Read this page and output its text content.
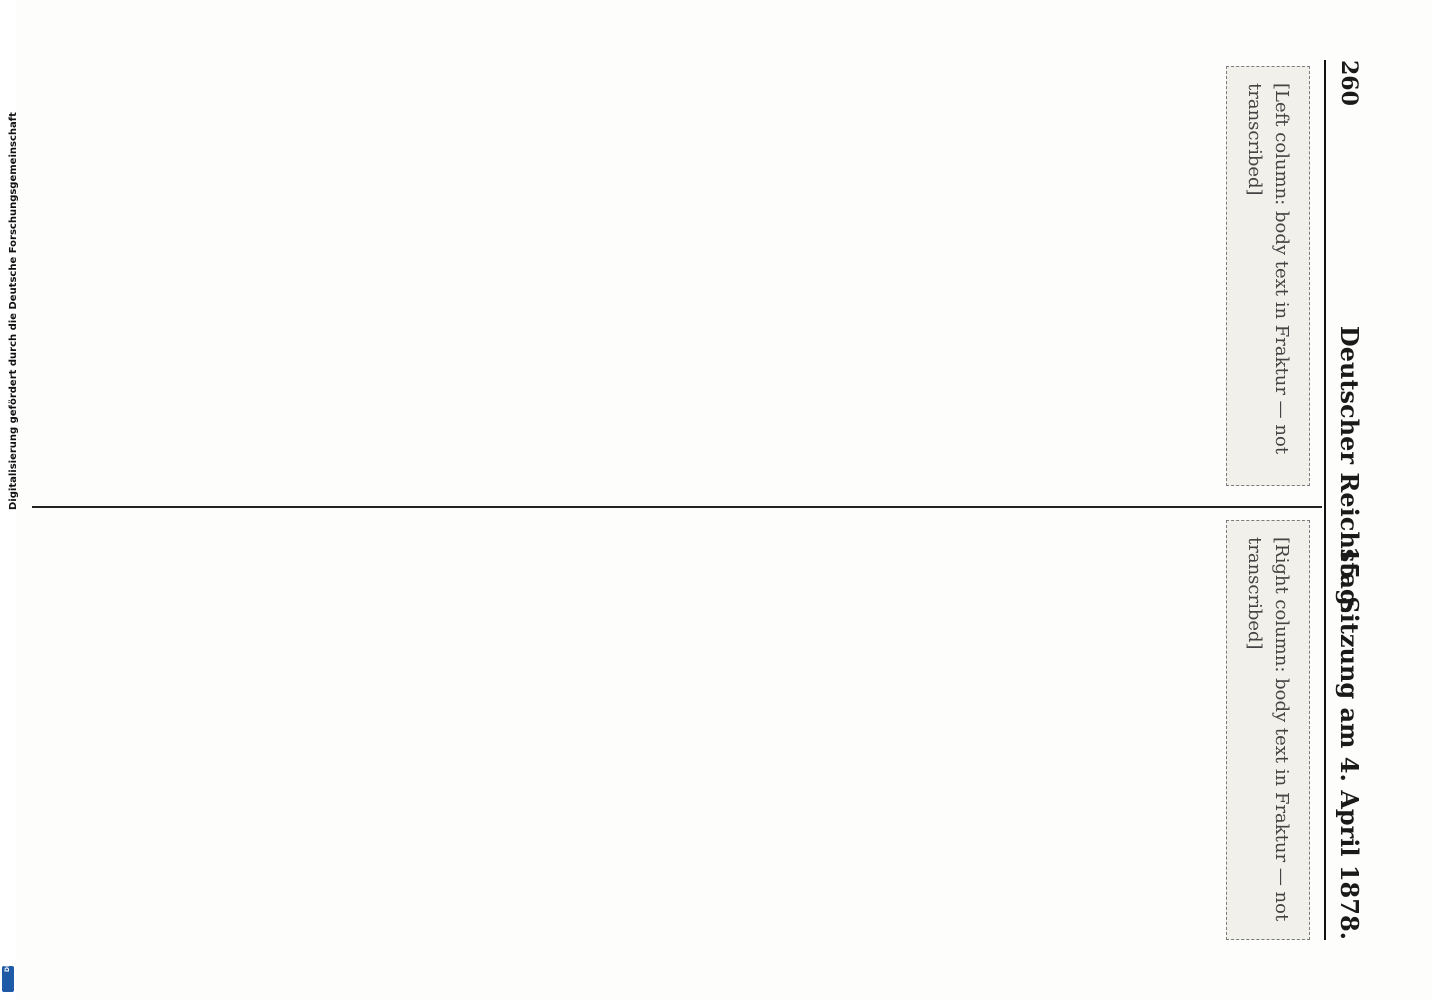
260
Deutscher Reichstag.
15. Sitzung am 4. April 1878.
[Left column: body text in Fraktur — not transcribed]
[Right column: body text in Fraktur — not transcribed]
Digitalisierung gefördert durch die Deutsche Forschungsgemeinschaft
DFG
